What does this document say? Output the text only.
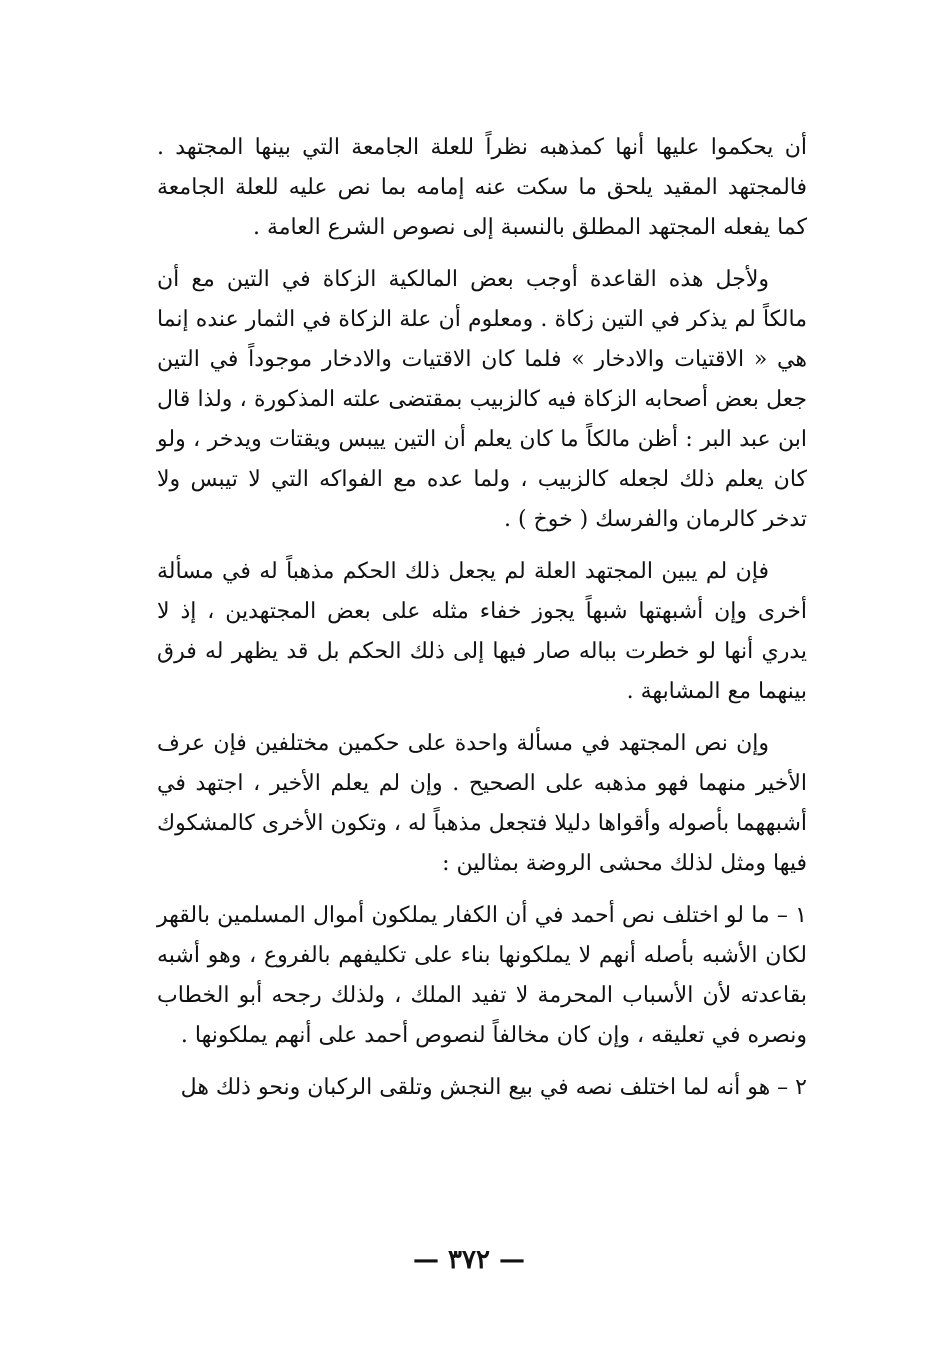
أن يحكموا عليها أنها كمذهبه نظراً للعلة الجامعة التي بينها المجتهد . فالمجتهد المقيد يلحق ما سكت عنه إمامه بما نص عليه للعلة الجامعة كما يفعله المجتهد المطلق بالنسبة إلى نصوص الشرع العامة .

ولأجل هذه القاعدة أوجب بعض المالكية الزكاة في التين مع أن مالكاً لم يذكر في التين زكاة . ومعلوم أن علة الزكاة في الثمار عنده إنما هي « الاقتيات والادخار » فلما كان الاقتيات والادخار موجوداً في التين جعل بعض أصحابه الزكاة فيه كالزبيب بمقتضى علته المذكورة ، ولذا قال ابن عبد البر : أظن مالكاً ما كان يعلم أن التين ييبس ويقتات ويدخر ، ولو كان يعلم ذلك لجعله كالزبيب ، ولما عده مع الفواكه التي لا تيبس ولا تدخر كالرمان والفرسك ( خوخ ) .

فإن لم يبين المجتهد العلة لم يجعل ذلك الحكم مذهباً له في مسألة أخرى وإن أشبهتها شبهاً يجوز خفاء مثله على بعض المجتهدين ، إذ لا يدري أنها لو خطرت بباله صار فيها إلى ذلك الحكم بل قد يظهر له فرق بينهما مع المشابهة .

وإن نص المجتهد في مسألة واحدة على حكمين مختلفين فإن عرف الأخير منهما فهو مذهبه على الصحيح . وإن لم يعلم الأخير ، اجتهد في أشبههما بأصوله وأقواها دليلا فتجعل مذهباً له ، وتكون الأخرى كالمشكوك فيها ومثل لذلك محشى الروضة بمثالين :

١ – ما لو اختلف نص أحمد في أن الكفار يملكون أموال المسلمين بالقهر لكان الأشبه بأصله أنهم لا يملكونها بناء على تكليفهم بالفروع ، وهو أشبه بقاعدته لأن الأسباب المحرمة لا تفيد الملك ، ولذلك رجحه أبو الخطاب ونصره في تعليقه ، وإن كان مخالفاً لنصوص أحمد على أنهم يملكونها .

٢ – هو أنه لما اختلف نصه في بيع النجش وتلقى الركبان ونحو ذلك هل

— ٣٧٢ —
